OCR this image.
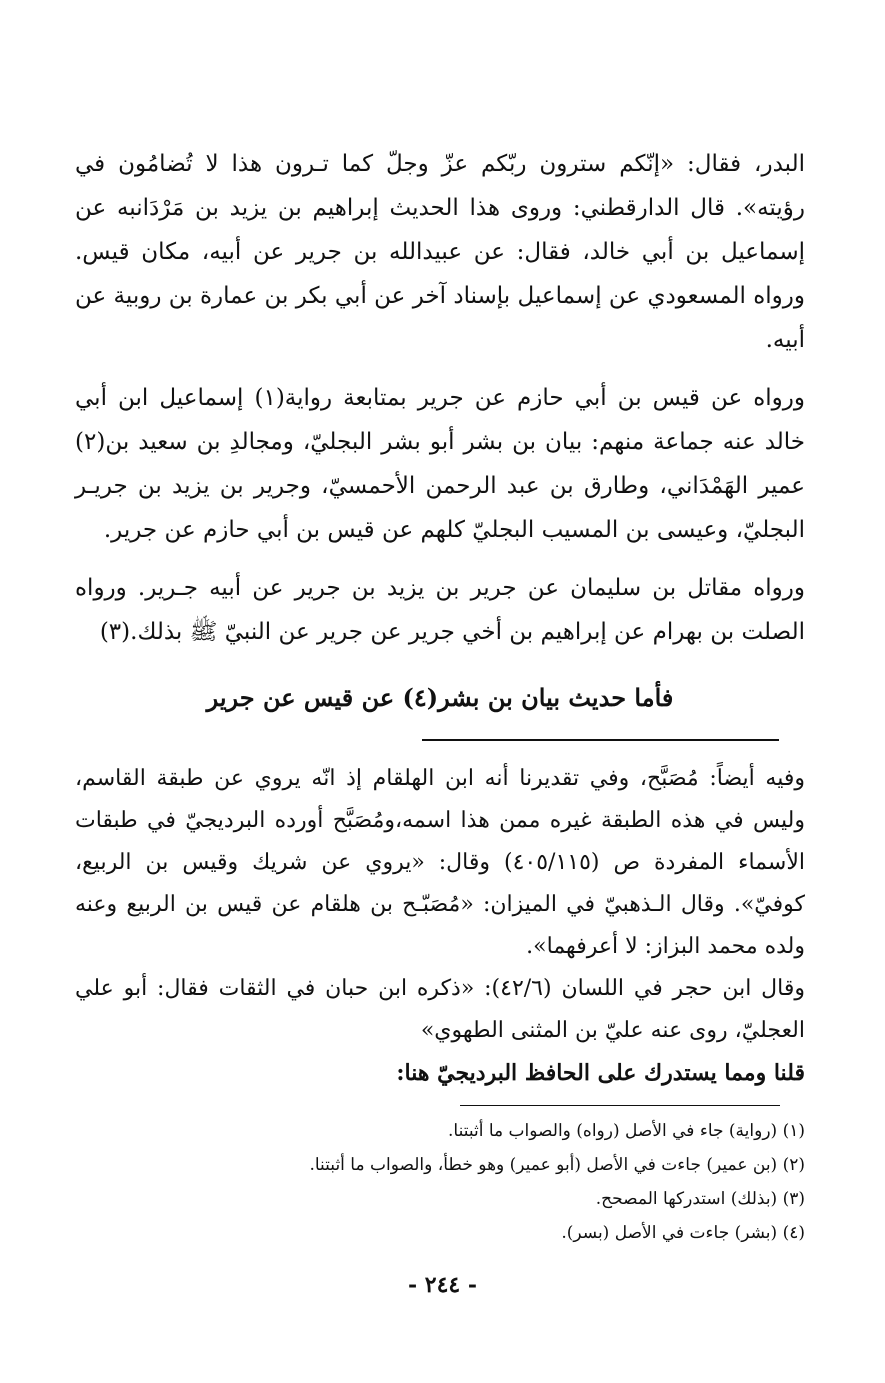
البدر، فقال: «إنّكم سترون ربّكم عزّ وجلّ كما تـرون هذا لا تُضامُون في رؤيته». قال الدارقطني: وروى هذا الحديث إبراهيم بن يزيد بن مَرْدَانبه عن إسماعيل بن أبي خالد، فقال: عن عبيدالله بن جرير عن أبيه، مكان قيس. ورواه المسعودي عن إسماعيل بإسناد آخر عن أبي بكر بن عمارة بن روبية عن أبيه.

ورواه عن قيس بن أبي حازم عن جرير بمتابعة رواية(١) إسماعيل ابن أبي خالد عنه جماعة منهم: بيان بن بشر أبو بشر البجليّ، ومجالدِ بن سعيد بن(٢) عمير الهَمْدَاني، وطارق بن عبد الرحمن الأحمسيّ، وجرير بن يزيد بن جريـر البجليّ، وعيسى بن المسيب البجليّ كلهم عن قيس بن أبي حازم عن جرير.

ورواه مقاتل بن سليمان عن جرير بن يزيد بن جرير عن أبيه جـرير. ورواه الصلت بن بهرام عن إبراهيم بن أخي جرير عن جرير عن النبيّ ﷺ بذلك.(٣)

فأما حديث بيان بن بشر(٤) عن قيس عن جرير

وفيه أيضاً: مُصَبَّح، وفي تقديرنا أنه ابن الهلقام إذ انّه يروي عن طبقة القاسم، وليس في هذه الطبقة غيره ممن هذا اسمه،ومُصَبَّح أورده البرديجيّ في طبقات الأسماء المفردة ص (٤٠٥/١١٥) وقال: «يروي عن شريك وقيس بن الربيع، كوفيّ». وقال الـذهبيّ في الميزان: «مُصَبّـح بن هلقام عن قيس بن الربيع وعنه ولده محمد البزاز: لا أعرفهما».

وقال ابن حجر في اللسان (٤٢/٦): «ذكره ابن حبان في الثقات فقال: أبو علي العجليّ، روى عنه عليّ بن المثنى الطهوي»

قلنا ومما يستدرك على الحافظ البرديجيّ هنا:

(١) (رواية) جاء في الأصل (رواه) والصواب ما أثبتنا.
(٢) (بن عمير) جاءت في الأصل (أبو عمير) وهو خطأ، والصواب ما أثبتنا.
(٣) (بذلك) استدركها المصحح.
(٤) (بشر) جاءت في الأصل (بسر).
- ٢٤٤ -
